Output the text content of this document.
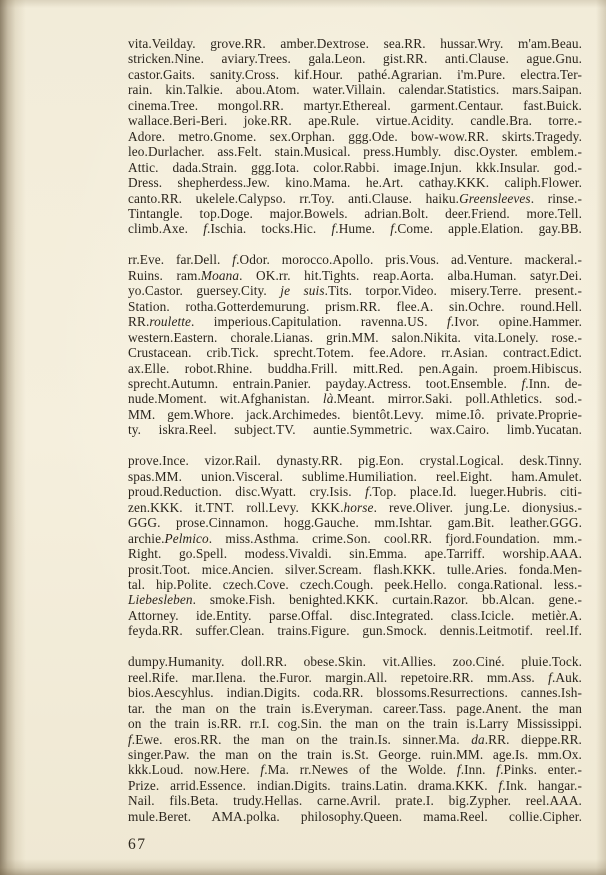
vita.Veilday. grove.RR. amber.Dextrose. sea.RR. hussar.Wry. m'am.Beau.
stricken.Nine. aviary.Trees. gala.Leon. gist.RR. anti.Clause. ague.Gnu.
castor.Gaits. sanity.Cross. kif.Hour. pathé.Agrarian. i'm.Pure. electra.Ter-
rain. kin.Talkie. abou.Atom. water.Villain. calendar.Statistics. mars.Saipan.
cinema.Tree. mongol.RR. martyr.Ethereal. garment.Centaur. fast.Buick.
wallace.Beri-Beri. joke.RR. ape.Rule. virtue.Acidity. candle.Bra. torre.-
Adore. metro.Gnome. sex.Orphan. ggg.Ode. bow-wow.RR. skirts.Tragedy.
leo.Durlacher. ass.Felt. stain.Musical. press.Humbly. disc.Oyster. emblem.-
Attic. dada.Strain. ggg.Iota. color.Rabbi. image.Injun. kkk.Insular. god.-
Dress. shepherdess.Jew. kino.Mama. he.Art. cathay.KKK. caliph.Flower.
canto.RR. ukelele.Calypso. rr.Toy. anti.Clause. haiku.Greensleeves. rinse.-
Tintangle. top.Doge. major.Bowels. adrian.Bolt. deer.Friend. more.Tell.
climb.Axe. f.Ischia. tocks.Hic. f.Hume. f.Come. apple.Elation. gay.BB.
rr.Eve. far.Dell. f.Odor. morocco.Apollo. pris.Vous. ad.Venture. mackeral.-
Ruins. ram.Moana. OK.rr. hit.Tights. reap.Aorta. alba.Human. satyr.Dei.
yo.Castor. guersey.City. je suis.Tits. torpor.Video. misery.Terre. present.-
Station. rotha.Gotterdemurung. prism.RR. flee.A. sin.Ochre. round.Hell.
RR.roulette. imperious.Capitulation. ravenna.US. f.Ivor. opine.Hammer.
western.Eastern. chorale.Lianas. grin.MM. salon.Nikita. vita.Lonely. rose.-
Crustacean. crib.Tick. sprecht.Totem. fee.Adore. rr.Asian. contract.Edict.
ax.Elle. robot.Rhine. buddha.Frill. mitt.Red. pen.Again. proem.Hibiscus.
sprecht.Autumn. entrain.Panier. payday.Actress. toot.Ensemble. f.Inn. de-
nude.Moment. wit.Afghanistan. là.Meant. mirror.Saki. poll.Athletics. sod.-
MM. gem.Whore. jack.Archimedes. bientôt.Levy. mime.Iô. private.Proprie-
ty. iskra.Reel. subject.TV. auntie.Symmetric. wax.Cairo. limb.Yucatan.
prove.Ince. vizor.Rail. dynasty.RR. pig.Eon. crystal.Logical. desk.Tinny.
spas.MM. union.Visceral. sublime.Humiliation. reel.Eight. ham.Amulet.
proud.Reduction. disc.Wyatt. cry.Isis. f.Top. place.Id. lueger.Hubris. citi-
zen.KKK. it.TNT. roll.Levy. KKK.horse. reve.Oliver. jung.Le. dionysius.-
GGG. prose.Cinnamon. hogg.Gauche. mm.Ishtar. gam.Bit. leather.GGG.
archie.Pelmico. miss.Asthma. crime.Son. cool.RR. fjord.Foundation. mm.-
Right. go.Spell. modess.Vivaldi. sin.Emma. ape.Tarriff. worship.AAA.
prosit.Toot. mice.Ancien. silver.Scream. flash.KKK. tulle.Aries. fonda.Men-
tal. hip.Polite. czech.Cove. czech.Cough. peek.Hello. conga.Rational. less.-
Liebesleben. smoke.Fish. benighted.KKK. curtain.Razor. bb.Alcan. gene.-
Attorney. ide.Entity. parse.Offal. disc.Integrated. class.Icicle. metièr.A.
feyda.RR. suffer.Clean. trains.Figure. gun.Smock. dennis.Leitmotif. reel.If.
dumpy.Humanity. doll.RR. obese.Skin. vit.Allies. zoo.Ciné. pluie.Tock.
reel.Rife. mar.Ilena. the.Furor. margin.All. repetoire.RR. mm.Ass. f.Auk.
bios.Aescyhlus. indian.Digits. coda.RR. blossoms.Resurrections. cannes.Ish-
tar. the man on the train is.Everyman. career.Tass. page.Anent. the man
on the train is.RR. rr.I. cog.Sin. the man on the train is.Larry Mississippi.
f.Ewe. eros.RR. the man on the train.Is. sinner.Ma. da.RR. dieppe.RR.
singer.Paw. the man on the train is.St. George. ruin.MM. age.Is. mm.Ox.
kkk.Loud. now.Here. f.Ma. rr.Newes of the Wolde. f.Inn. f.Pinks. enter.-
Prize. arrid.Essence. indian.Digits. trains.Latin. drama.KKK. f.Ink. hangar.-
Nail. fils.Beta. trudy.Hellas. carne.Avril. prate.I. big.Zypher. reel.AAA.
mule.Beret. AMA.polka. philosophy.Queen. mama.Reel. collie.Cipher.
67
